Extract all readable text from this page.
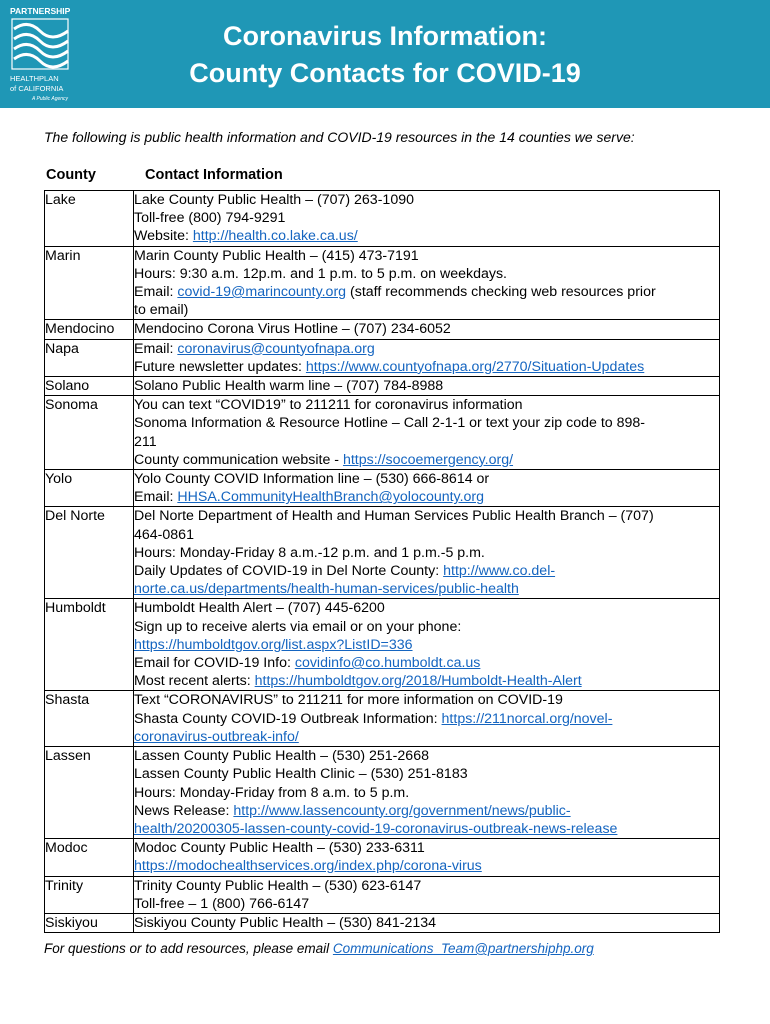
PARTNERSHIP
HEALTHPLAN
of CALIFORNIA
A Public Agency
Coronavirus Information:
County Contacts for COVID-19
The following is public health information and COVID-19 resources in the 14 counties we serve:
County	Contact Information
Lake	Lake County Public Health – (707) 263-1090
Toll-free (800) 794-9291
Website: http://health.co.lake.ca.us/

Marin	Marin County Public Health – (415) 473-7191
Hours: 9:30 a.m. 12p.m. and 1 p.m. to 5 p.m. on weekdays.
Email: covid-19@marincounty.org (staff recommends checking web resources prior
to email)

Mendocino	Mendocino Corona Virus Hotline – (707) 234-6052

Napa	Email: coronavirus@countyofnapa.org
Future newsletter updates: https://www.countyofnapa.org/2770/Situation-Updates

Solano	Solano Public Health warm line – (707) 784-8988

Sonoma	You can text “COVID19” to 211211 for coronavirus information
Sonoma Information & Resource Hotline – Call 2-1-1 or text your zip code to 898-
211
County communication website - https://socoemergency.org/

Yolo	Yolo County COVID Information line – (530) 666-8614 or
Email: HHSA.CommunityHealthBranch@yolocounty.org

Del Norte	Del Norte Department of Health and Human Services Public Health Branch – (707)
464-0861
Hours: Monday-Friday 8 a.m.-12 p.m. and 1 p.m.-5 p.m.
Daily Updates of COVID-19 in Del Norte County: http://www.co.del-
norte.ca.us/departments/health-human-services/public-health

Humboldt	Humboldt Health Alert – (707) 445-6200
Sign up to receive alerts via email or on your phone:
https://humboldtgov.org/list.aspx?ListID=336
Email for COVID-19 Info: covidinfo@co.humboldt.ca.us
Most recent alerts: https://humboldtgov.org/2018/Humboldt-Health-Alert

Shasta	Text “CORONAVIRUS” to 211211 for more information on COVID-19
Shasta County COVID-19 Outbreak Information: https://211norcal.org/novel-
coronavirus-outbreak-info/

Lassen	Lassen County Public Health – (530) 251-2668
Lassen County Public Health Clinic – (530) 251-8183
Hours: Monday-Friday from 8 a.m. to 5 p.m.
News Release: http://www.lassencounty.org/government/news/public-
health/20200305-lassen-county-covid-19-coronavirus-outbreak-news-release

Modoc	Modoc County Public Health – (530) 233-6311
https://modochealthservices.org/index.php/corona-virus

Trinity	Trinity County Public Health – (530) 623-6147
Toll-free – 1 (800) 766-6147

Siskiyou	Siskiyou County Public Health – (530) 841-2134
For questions or to add resources, please email Communications_Team@partnershiphp.org
